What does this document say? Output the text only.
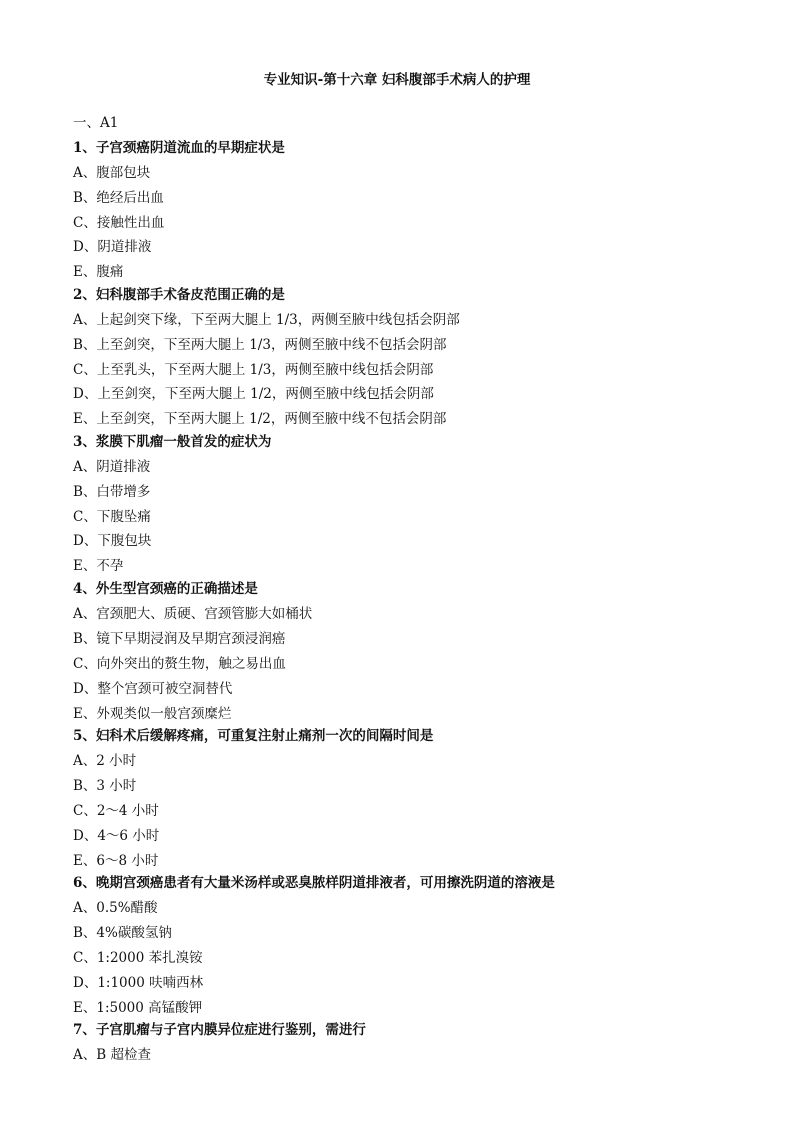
专业知识-第十六章 妇科腹部手术病人的护理
一、A1
1、子宫颈癌阴道流血的早期症状是
A、腹部包块
B、绝经后出血
C、接触性出血
D、阴道排液
E、腹痛
2、妇科腹部手术备皮范围正确的是
A、上起剑突下缘，下至两大腿上 1/3，两侧至腋中线包括会阴部
B、上至剑突，下至两大腿上 1/3，两侧至腋中线不包括会阴部
C、上至乳头，下至两大腿上 1/3，两侧至腋中线包括会阴部
D、上至剑突，下至两大腿上 1/2，两侧至腋中线包括会阴部
E、上至剑突，下至两大腿上 1/2，两侧至腋中线不包括会阴部
3、浆膜下肌瘤一般首发的症状为
A、阴道排液
B、白带增多
C、下腹坠痛
D、下腹包块
E、不孕
4、外生型宫颈癌的正确描述是
A、宫颈肥大、质硬、宫颈管膨大如桶状
B、镜下早期浸润及早期宫颈浸润癌
C、向外突出的赘生物，触之易出血
D、整个宫颈可被空洞替代
E、外观类似一般宫颈糜烂
5、妇科术后缓解疼痛，可重复注射止痛剂一次的间隔时间是
A、2 小时
B、3 小时
C、2～4 小时
D、4～6 小时
E、6～8 小时
6、晚期宫颈癌患者有大量米汤样或恶臭脓样阴道排液者，可用擦洗阴道的溶液是
A、0.5%醋酸
B、4%碳酸氢钠
C、1:2000 苯扎溴铵
D、1:1000 呋喃西林
E、1:5000 高锰酸钾
7、子宫肌瘤与子宫内膜异位症进行鉴别，需进行
A、B 超检查
